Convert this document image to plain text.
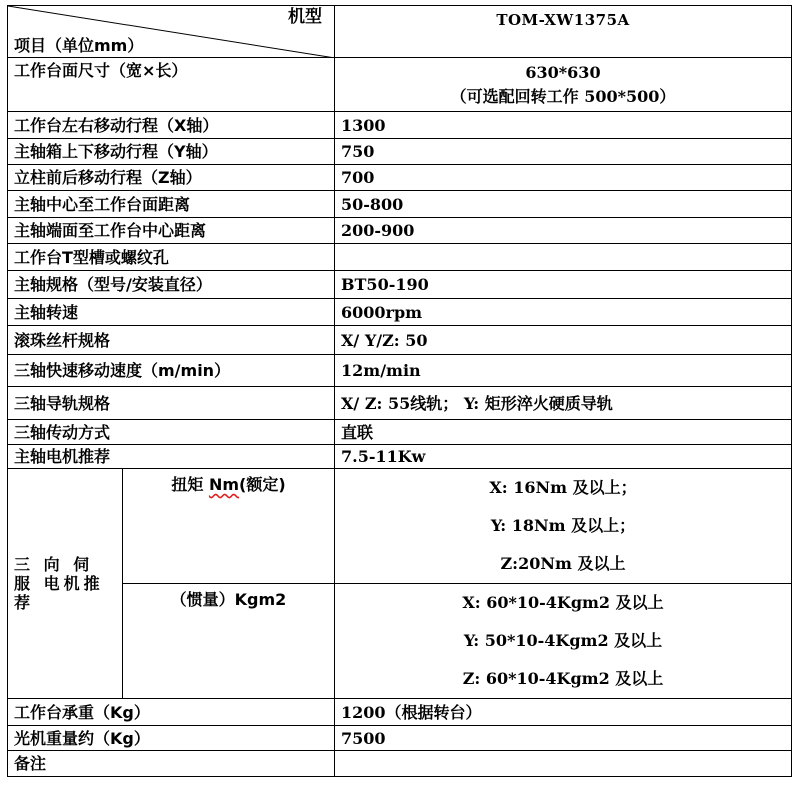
机型
项目（单位mm）		TOM-XW1375A
工作台面尺寸（宽×长）		630*630
（可选配回转工作 500*500）

工作台左右移动行程（X轴）		1300
主轴箱上下移动行程（Y轴）		750
立柱前后移动行程（Z轴）		700
主轴中心至工作台面距离		50-800
主轴端面至工作台中心距离		200-900
工作台T型槽或螺纹孔		
主轴规格（型号/安装直径）		BT50-190
主轴转速		6000rpm
滚珠丝杆规格		X/ Y/Z: 50
三轴快速移动速度（m/min）		12m/min
三轴导轨规格		X/ Z: 55线轨； Y: 矩形淬火硬质导轨
三轴传动方式		直联
主轴电机推荐		7.5-11Kw
三 向 伺 服 电机推荐	扭矩 Nm(额定)	X: 16Nm 及以上；
Y: 18Nm 及以上；
Z:20Nm 及以上

	（惯量）Kgm2	X: 60*10-4Kgm2 及以上
Y: 50*10-4Kgm2 及以上
Z: 60*10-4Kgm2 及以上

工作台承重（Kg）		1200（根据转台）
光机重量约（Kg）		7500
备注		
